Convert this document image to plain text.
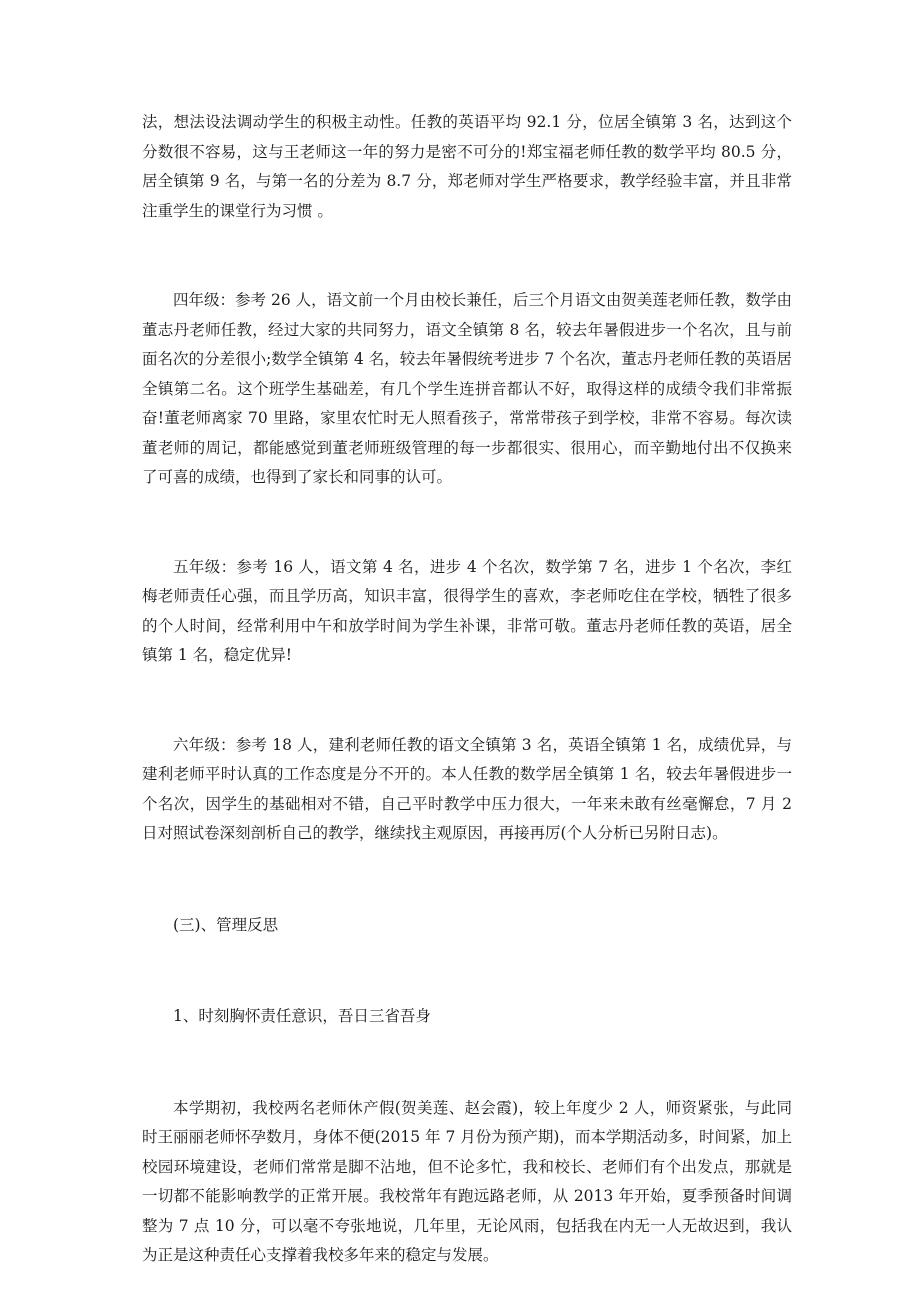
法，想法设法调动学生的积极主动性。任教的英语平均 92.1 分，位居全镇第 3 名，达到这个分数很不容易，这与王老师这一年的努力是密不可分的!郑宝福老师任教的数学平均 80.5 分，居全镇第 9 名，与第一名的分差为 8.7 分，郑老师对学生严格要求，教学经验丰富，并且非常注重学生的课堂行为习惯 。

四年级：参考 26 人，语文前一个月由校长兼任，后三个月语文由贺美莲老师任教，数学由董志丹老师任教，经过大家的共同努力，语文全镇第 8 名，较去年暑假进步一个名次，且与前面名次的分差很小;数学全镇第 4 名，较去年暑假统考进步 7 个名次，董志丹老师任教的英语居全镇第二名。这个班学生基础差，有几个学生连拼音都认不好，取得这样的成绩令我们非常振奋!董老师离家 70 里路，家里农忙时无人照看孩子，常常带孩子到学校，非常不容易。每次读董老师的周记，都能感觉到董老师班级管理的每一步都很实、很用心，而辛勤地付出不仅换来了可喜的成绩，也得到了家长和同事的认可。

五年级：参考 16 人，语文第 4 名，进步 4 个名次，数学第 7 名，进步 1 个名次，李红梅老师责任心强，而且学历高，知识丰富，很得学生的喜欢，李老师吃住在学校，牺牲了很多的个人时间，经常利用中午和放学时间为学生补课，非常可敬。董志丹老师任教的英语，居全镇第 1 名，稳定优异!

六年级：参考 18 人，建利老师任教的语文全镇第 3 名，英语全镇第 1 名，成绩优异，与建利老师平时认真的工作态度是分不开的。本人任教的数学居全镇第 1 名，较去年暑假进步一个名次，因学生的基础相对不错，自己平时教学中压力很大，一年来未敢有丝毫懈怠，7 月 2 日对照试卷深刻剖析自己的教学，继续找主观原因，再接再厉(个人分析已另附日志)。

(三)、管理反思

1、时刻胸怀责任意识，吾日三省吾身

本学期初，我校两名老师休产假(贺美莲、赵会霞)，较上年度少 2 人，师资紧张，与此同时王丽丽老师怀孕数月，身体不便(2015 年 7 月份为预产期)，而本学期活动多，时间紧，加上校园环境建设，老师们常常是脚不沾地，但不论多忙，我和校长、老师们有个出发点，那就是一切都不能影响教学的正常开展。我校常年有跑远路老师，从 2013 年开始，夏季预备时间调整为 7 点 10 分，可以毫不夸张地说，几年里，无论风雨，包括我在内无一人无故迟到，我认为正是这种责任心支撑着我校多年来的稳定与发展。
